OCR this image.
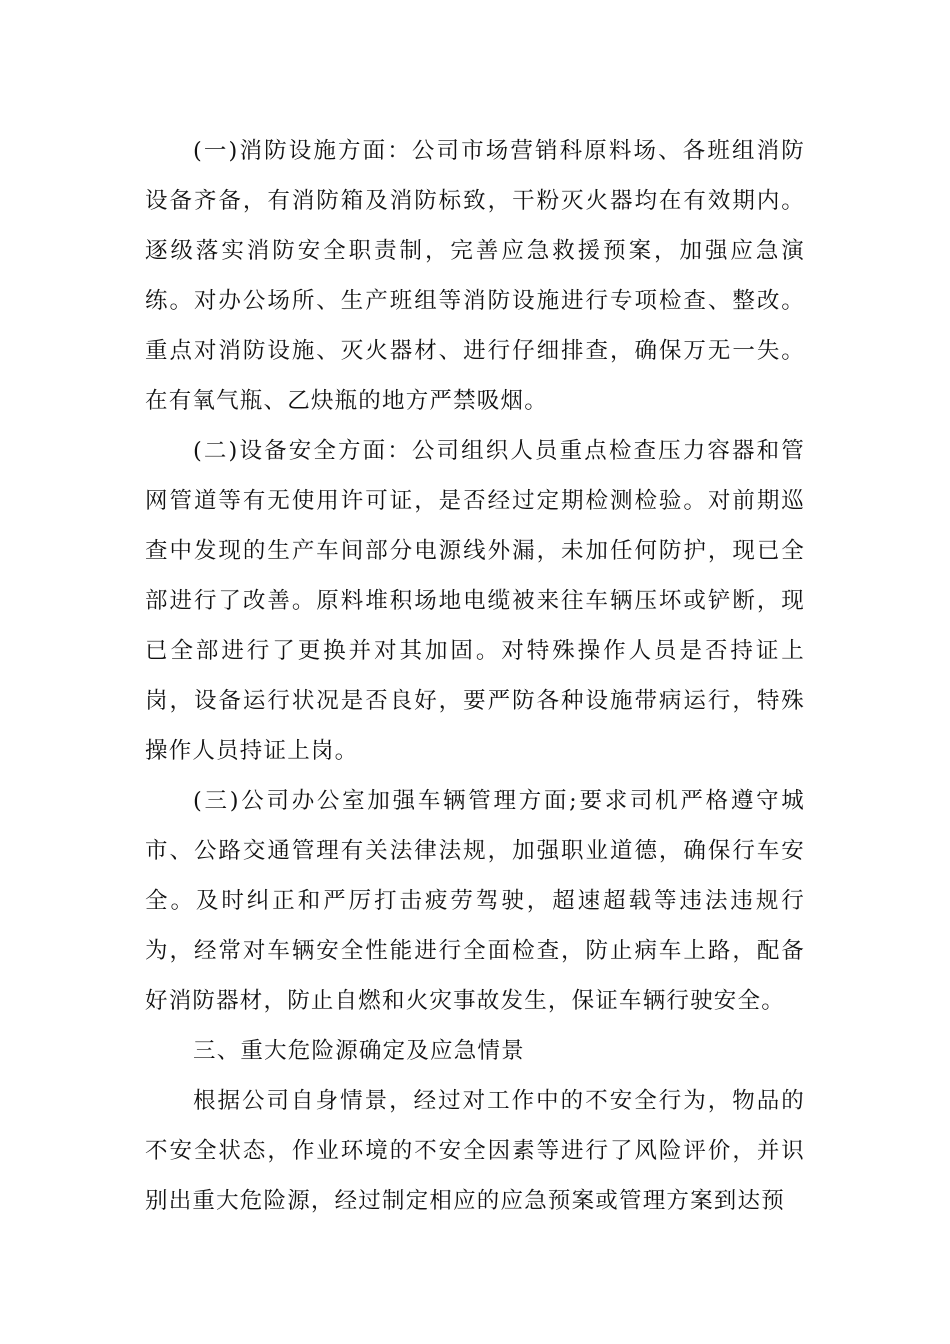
(一)消防设施方面：公司市场营销科原料场、各班组消防设备齐备，有消防箱及消防标致，干粉灭火器均在有效期内。逐级落实消防安全职责制，完善应急救援预案，加强应急演练。对办公场所、生产班组等消防设施进行专项检查、整改。重点对消防设施、灭火器材、进行仔细排查，确保万无一失。在有氧气瓶、乙炔瓶的地方严禁吸烟。

(二)设备安全方面：公司组织人员重点检查压力容器和管网管道等有无使用许可证，是否经过定期检测检验。对前期巡查中发现的生产车间部分电源线外漏，未加任何防护，现已全部进行了改善。原料堆积场地电缆被来往车辆压坏或铲断，现已全部进行了更换并对其加固。对特殊操作人员是否持证上岗，设备运行状况是否良好，要严防各种设施带病运行，特殊操作人员持证上岗。

(三)公司办公室加强车辆管理方面;要求司机严格遵守城市、公路交通管理有关法律法规，加强职业道德，确保行车安全。及时纠正和严厉打击疲劳驾驶，超速超载等违法违规行为，经常对车辆安全性能进行全面检查，防止病车上路，配备好消防器材，防止自燃和火灾事故发生，保证车辆行驶安全。

三、重大危险源确定及应急情景

根据公司自身情景，经过对工作中的不安全行为，物品的不安全状态，作业环境的不安全因素等进行了风险评价，并识别出重大危险源，经过制定相应的应急预案或管理方案到达预
